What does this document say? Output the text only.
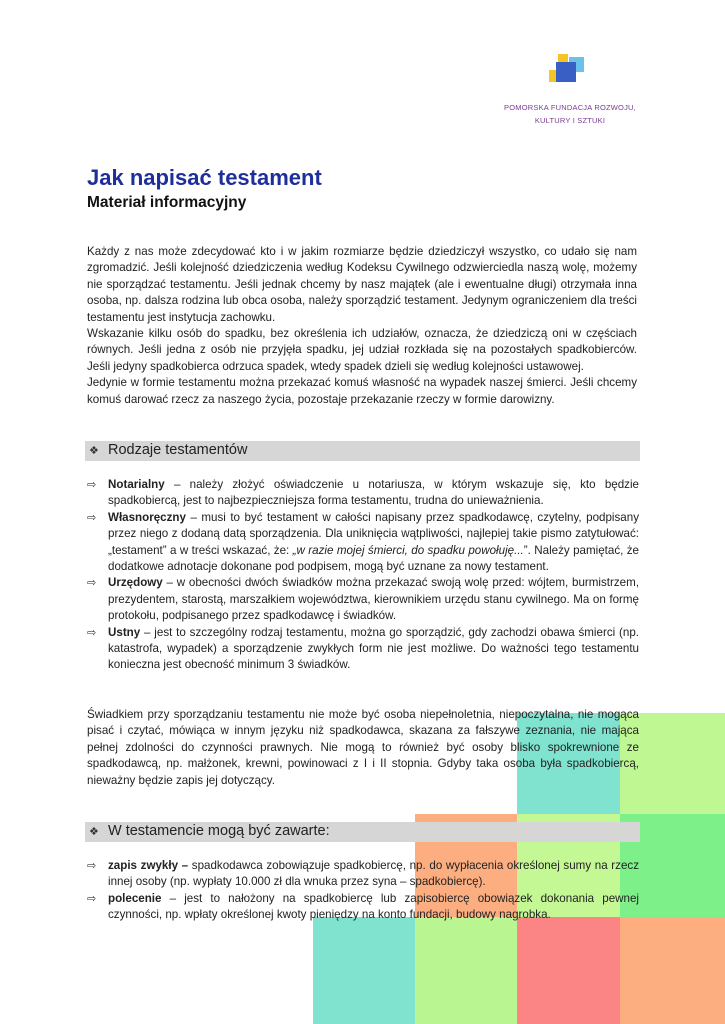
POMORSKA FUNDACJA ROZWOJU,
KULTURY I SZTUKI
Jak napisać testament
Materiał informacyjny

Każdy z nas może zdecydować kto i w jakim rozmiarze będzie dziedziczył wszystko, co udało się nam zgromadzić. Jeśli kolejność dziedziczenia według Kodeksu Cywilnego odzwierciedla naszą wolę, możemy nie sporządzać testamentu. Jeśli jednak chcemy by nasz majątek (ale i ewentualne długi) otrzymała inna osoba, np. dalsza rodzina lub obca osoba, należy sporządzić testament. Jedynym ograniczeniem dla treści testamentu jest instytucja zachowku.

Wskazanie kilku osób do spadku, bez określenia ich udziałów, oznacza, że dziedziczą oni w częściach równych. Jeśli jedna z osób nie przyjęła spadku, jej udział rozkłada się na pozostałych spadkobierców. Jeśli jedyny spadkobierca odrzuca spadek, wtedy spadek dzieli się według kolejności ustawowej.

Jedynie w formie testamentu można przekazać komuś własność na wypadek naszej śmierci. Jeśli chcemy komuś darować rzecz za naszego życia, pozostaje przekazanie rzeczy w formie darowizny.

❖ Rodzaje testamentów
⇨ Notarialny – należy złożyć oświadczenie u notariusza, w którym wskazuje się, kto będzie spadkobiercą, jest to najbezpieczniejsza forma testamentu, trudna do unieważnienia.
⇨ Własnoręczny – musi to być testament w całości napisany przez spadkodawcę, czytelny, podpisany przez niego z dodaną datą sporządzenia. Dla uniknięcia wątpliwości, najlepiej takie pismo zatytułować: „testament” a w treści wskazać, że: „w razie mojej śmierci, do spadku powołuję...”. Należy pamiętać, że dodatkowe adnotacje dokonane pod podpisem, mogą być uznane za nowy testament.
⇨ Urzędowy – w obecności dwóch świadków można przekazać swoją wolę przed: wójtem, burmistrzem, prezydentem, starostą, marszałkiem województwa, kierownikiem urzędu stanu cywilnego. Ma on formę protokołu, podpisanego przez spadkodawcę i świadków.
⇨ Ustny – jest to szczególny rodzaj testamentu, można go sporządzić, gdy zachodzi obawa śmierci (np. katastrofa, wypadek) a sporządzenie zwykłych form nie jest możliwe. Do ważności tego testamentu konieczna jest obecność minimum 3 świadków.
Świadkiem przy sporządzaniu testamentu nie może być osoba niepełnoletnia, niepoczytalna, nie mogąca pisać i czytać, mówiąca w innym języku niż spadkodawca, skazana za fałszywe zeznania, nie mająca pełnej zdolności do czynności prawnych. Nie mogą to również być osoby blisko spokrewnione ze spadkodawcą, np. małżonek, krewni, powinowaci z I i II stopnia. Gdyby taka osoba była spadkobiercą, nieważny będzie zapis jej dotyczący.
❖ W testamencie mogą być zawarte:
⇨ zapis zwykły – spadkodawca zobowiązuje spadkobiercę, np. do wypłacenia określonej sumy na rzecz innej osoby (np. wypłaty 10.000 zł dla wnuka przez syna – spadkobiercę).
⇨ polecenie – jest to nałożony na spadkobiercę lub zapisobiercę obowiązek dokonania pewnej czynności, np. wpłaty określonej kwoty pieniędzy na konto fundacji, budowy nagrobka.
